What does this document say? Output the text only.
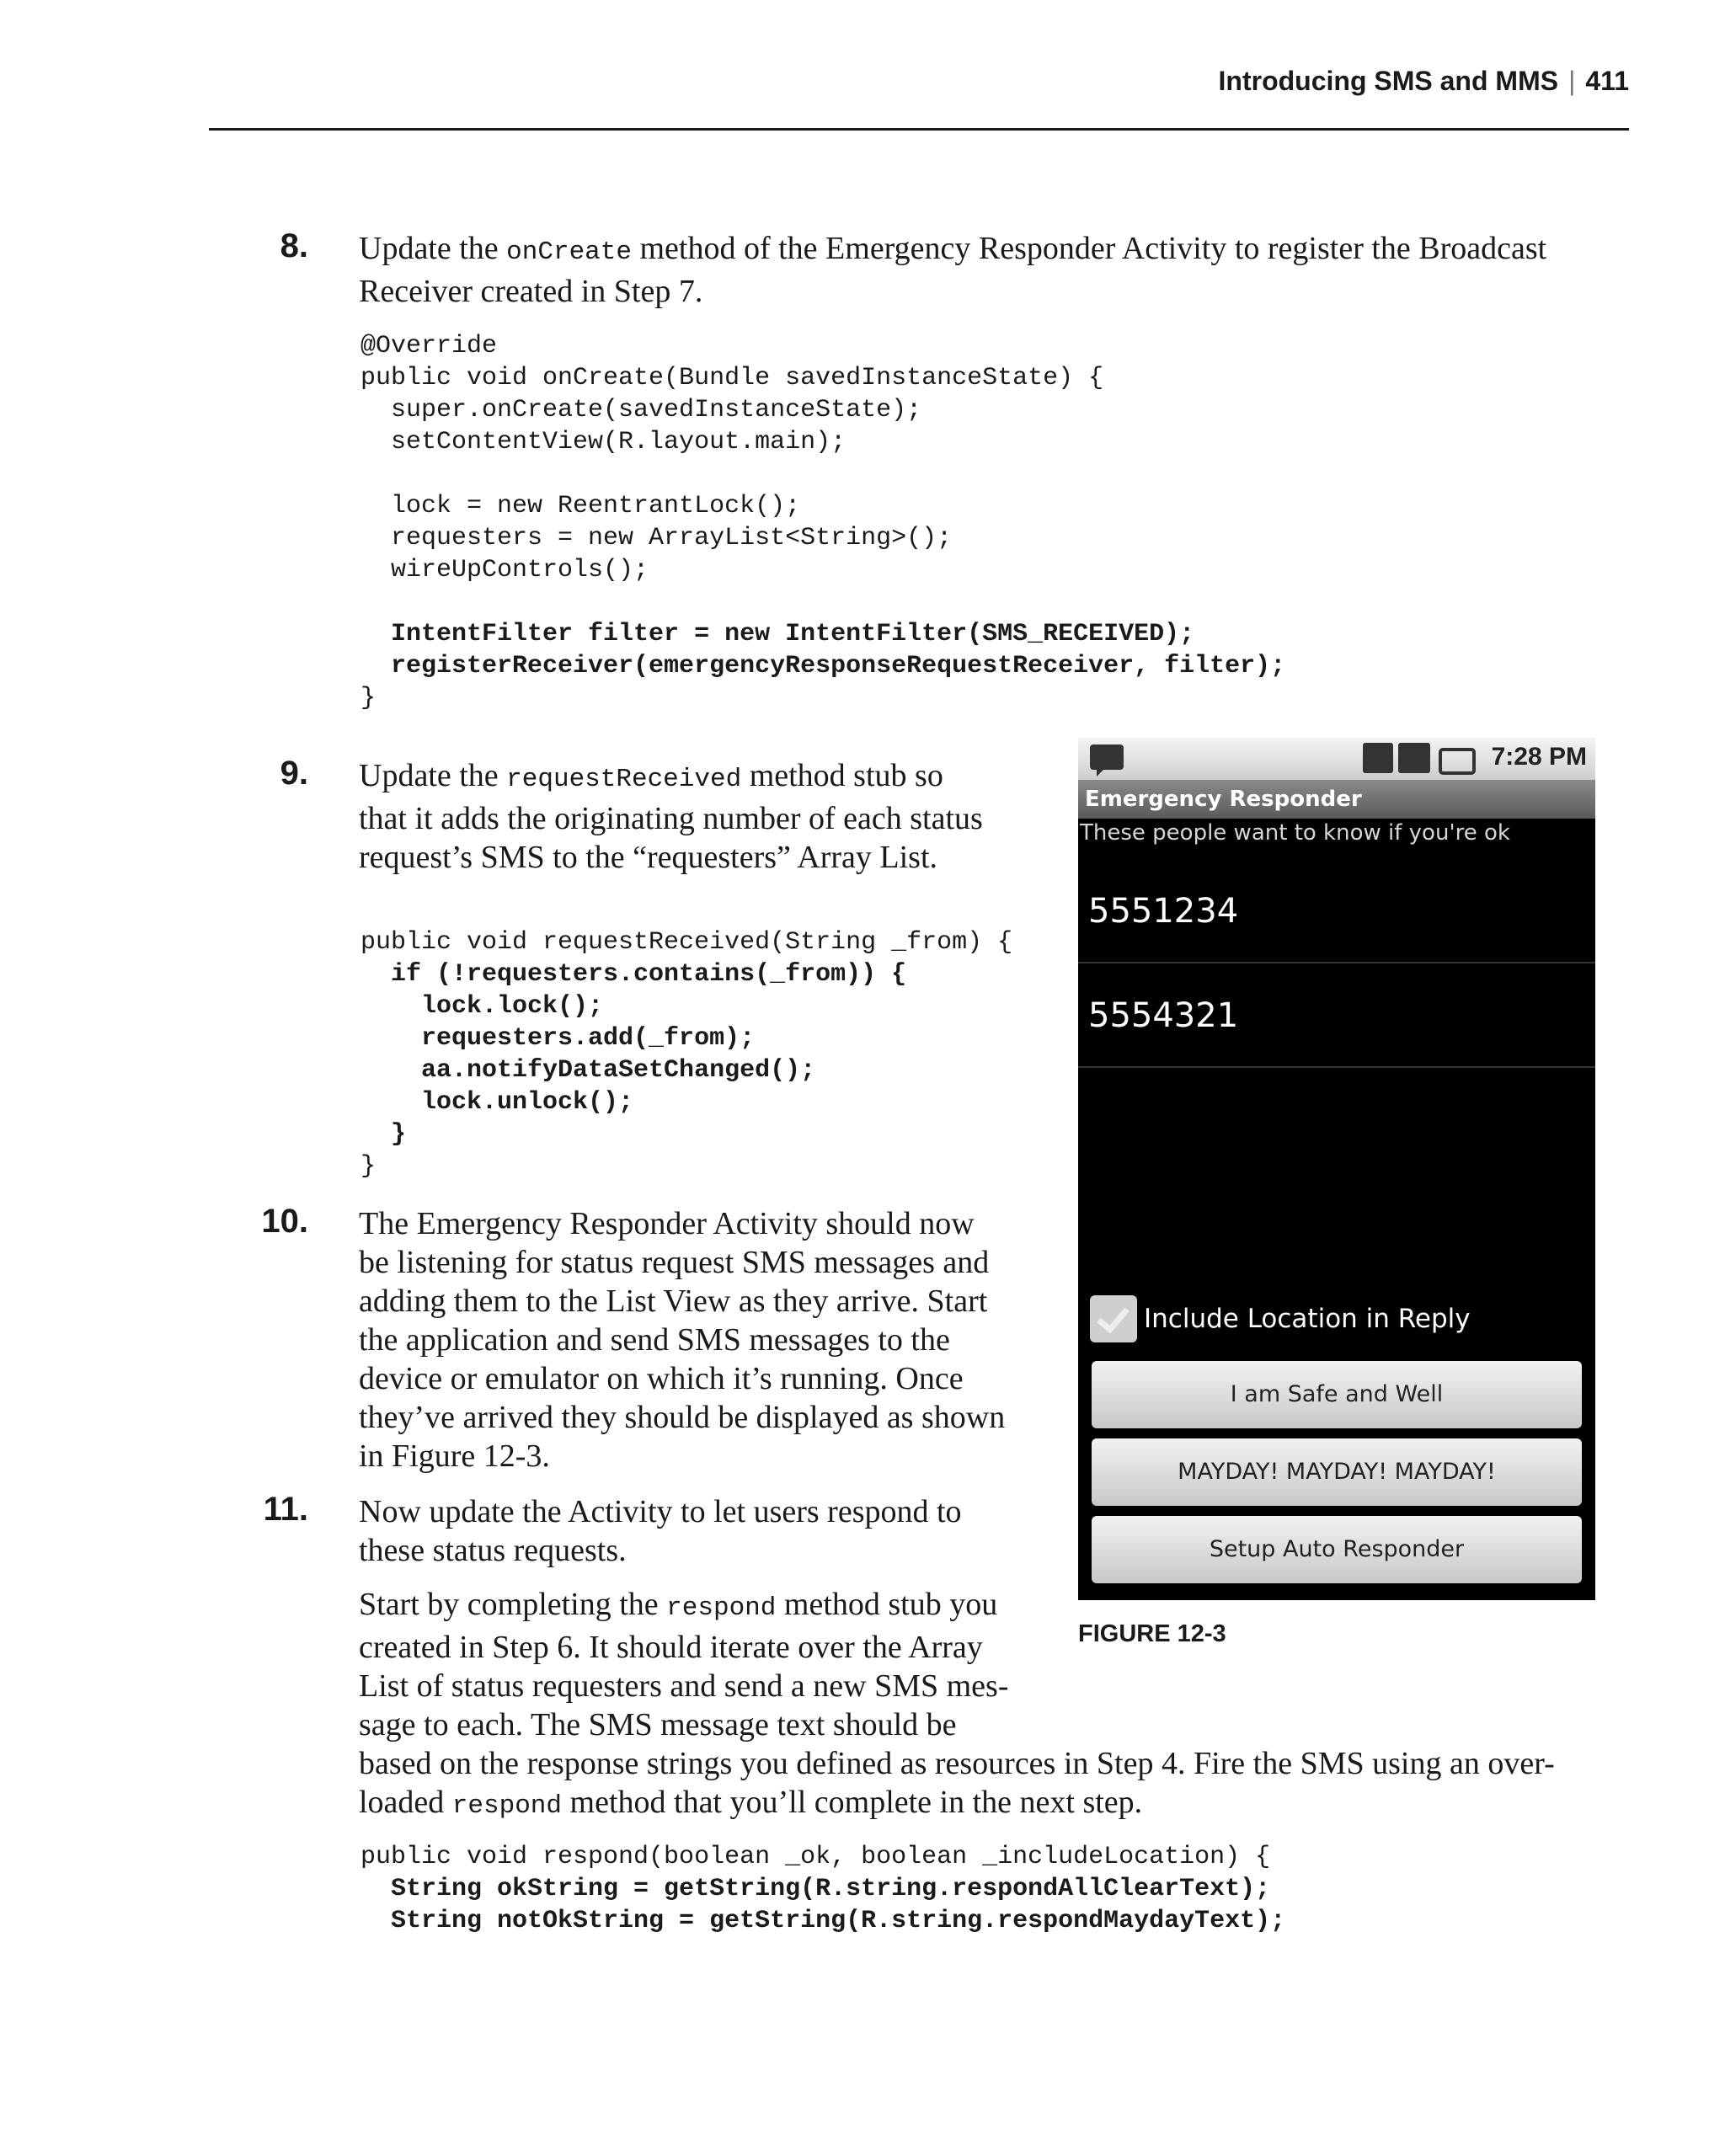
Introducing SMS and MMS | 411
8. Update the onCreate method of the Emergency Responder Activity to register the Broadcast
Receiver created in Step 7.

@Override
public void onCreate(Bundle savedInstanceState) {
super.onCreate(savedInstanceState);
setContentView(R.layout.main);
lock = new ReentrantLock();
requesters = new ArrayList<String>();
wireUpControls();
IntentFilter filter = new IntentFilter(SMS_RECEIVED);
registerReceiver(emergencyResponseRequestReceiver, filter);
}
9. Update the requestReceived method stub so
that it adds the originating number of each status
request’s SMS to the “requesters” Array List.

public void requestReceived(String _from) {
if (!requesters.contains(_from)) {
lock.lock();
requesters.add(_from);
aa.notifyDataSetChanged();
lock.unlock();
}
}
10. The Emergency Responder Activity should now
be listening for status request SMS messages and
adding them to the List View as they arrive. Start
the application and send SMS messages to the
device or emulator on which it’s running. Once
they’ve arrived they should be displayed as shown
in Figure 12-3.

11. Now update the Activity to let users respond to
these status requests.

Start by completing the respond method stub you
created in Step 6. It should iterate over the Array
List of status requesters and send a new SMS mes-
sage to each. The SMS message text should be
based on the response strings you defined as resources in Step 4. Fire the SMS using an over-
loaded respond method that you’ll complete in the next step.

public void respond(boolean _ok, boolean _includeLocation) {
String okString = getString(R.string.respondAllClearText);
String notOkString = getString(R.string.respondMaydayText);
7:28 PM
Emergency Responder
These people want to know if you're ok
5551234
5554321
Include Location in Reply
I am Safe and Well
MAYDAY! MAYDAY! MAYDAY!
Setup Auto Responder
FIGURE 12-3
